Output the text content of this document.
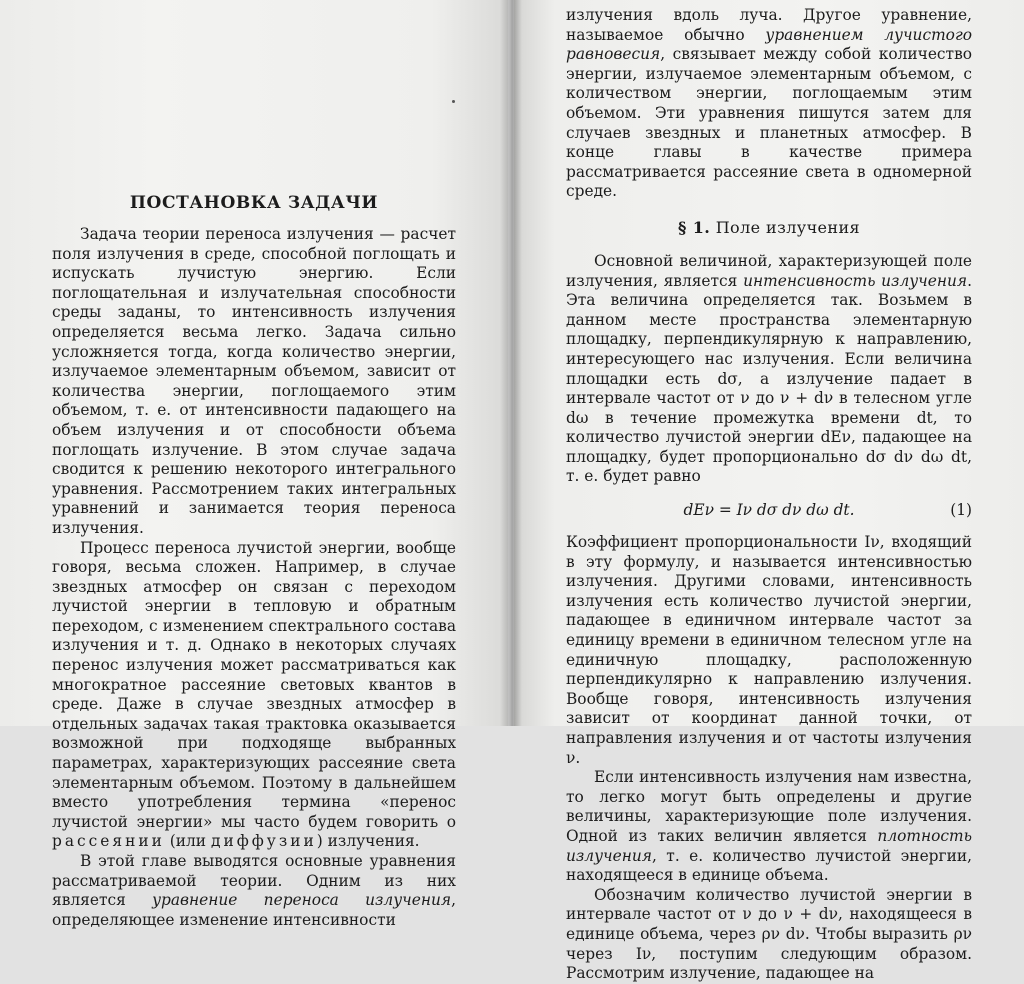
ПОСТАНОВКА ЗАДАЧИ

Задача теории переноса излучения — расчет поля излучения в среде, способной поглощать и испускать лучистую энергию. Если поглощательная и излучательная способности среды заданы, то интенсивность излучения определяется весьма легко. Задача сильно усложняется тогда, когда количество энергии, излучаемое элементарным объемом, зависит от количества энергии, поглощаемого этим объемом, т. е. от интенсивности падающего на объем излучения и от способности объема поглощать излучение. В этом случае задача сводится к решению некоторого интегрального уравнения. Рассмотрением таких интегральных уравнений и занимается теория переноса излучения.

Процесс переноса лучистой энергии, вообще говоря, весьма сложен. Например, в случае звездных атмосфер он связан с переходом лучистой энергии в тепловую и обратным переходом, с изменением спектрального состава излучения и т. д. Однако в некоторых случаях перенос излучения может рассматриваться как многократное рассеяние световых квантов в среде. Даже в случае звездных атмосфер в отдельных задачах такая трактовка оказывается возможной при подходяще выбранных параметрах, характеризующих рассеяние света элементарным объемом. Поэтому в дальнейшем вместо употребления термина «перенос лучистой энергии» мы часто будем говорить о рассеянии (или диффузии) излучения.

В этой главе выводятся основные уравнения рассматриваемой теории. Одним из них является уравнение переноса излучения, определяющее изменение интенсивности

излучения вдоль луча. Другое уравнение, называемое обычно уравнением лучистого равновесия, связывает между собой количество энергии, излучаемое элементарным объемом, с количеством энергии, поглощаемым этим объемом. Эти уравнения пишутся затем для случаев звездных и планетных атмосфер. В конце главы в качестве примера рассматривается рассеяние света в одномерной среде.

§ 1. Поле излучения

Основной величиной, характеризующей поле излучения, является интенсивность излучения. Эта величина определяется так. Возьмем в данном месте пространства элементарную площадку, перпендикулярную к направлению, интересующего нас излучения. Если величина площадки есть dσ, а излучение падает в интервале частот от ν до ν + dν в телесном угле dω в течение промежутка времени dt, то количество лучистой энергии dEν, падающее на площадку, будет пропорционально dσ dν dω dt, т. е. будет равно

dEν = Iν dσ dν dω dt.	(1)

Коэффициент пропорциональности Iν, входящий в эту формулу, и называется интенсивностью излучения. Другими словами, интенсивность излучения есть количество лучистой энергии, падающее в единичном интервале частот за единицу времени в единичном телесном угле на единичную площадку, расположенную перпендикулярно к направлению излучения. Вообще говоря, интенсивность излучения зависит от координат данной точки, от направления излучения и от частоты излучения ν.

Если интенсивность излучения нам известна, то легко могут быть определены и другие величины, характеризующие поле излучения. Одной из таких величин является плотность излучения, т. е. количество лучистой энергии, находящееся в единице объема.

Обозначим количество лучистой энергии в интервале частот от ν до ν + dν, находящееся в единице объема, через ρν dν. Чтобы выразить ρν через Iν, поступим следующим образом. Рассмотрим излучение, падающее на
